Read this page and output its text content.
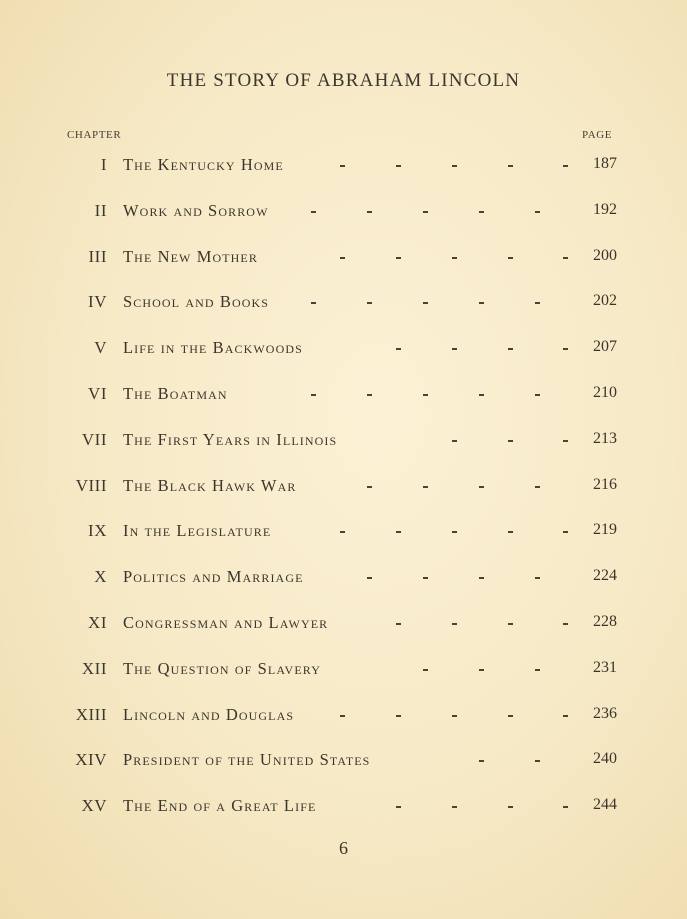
THE STORY OF ABRAHAM LINCOLN
CHAPTER	PAGE
I The Kentucky Home	187
II Work and Sorrow	192
III The New Mother	200
IV School and Books	202
V Life in the Backwoods	207
VI The Boatman	210
VII The First Years in Illinois	213
VIII The Black Hawk War	216
IX In the Legislature	219
X Politics and Marriage	224
XI Congressman and Lawyer	228
XII The Question of Slavery	231
XIII Lincoln and Douglas	236
XIV President of the United States	240
XV The End of a Great Life	244
6
